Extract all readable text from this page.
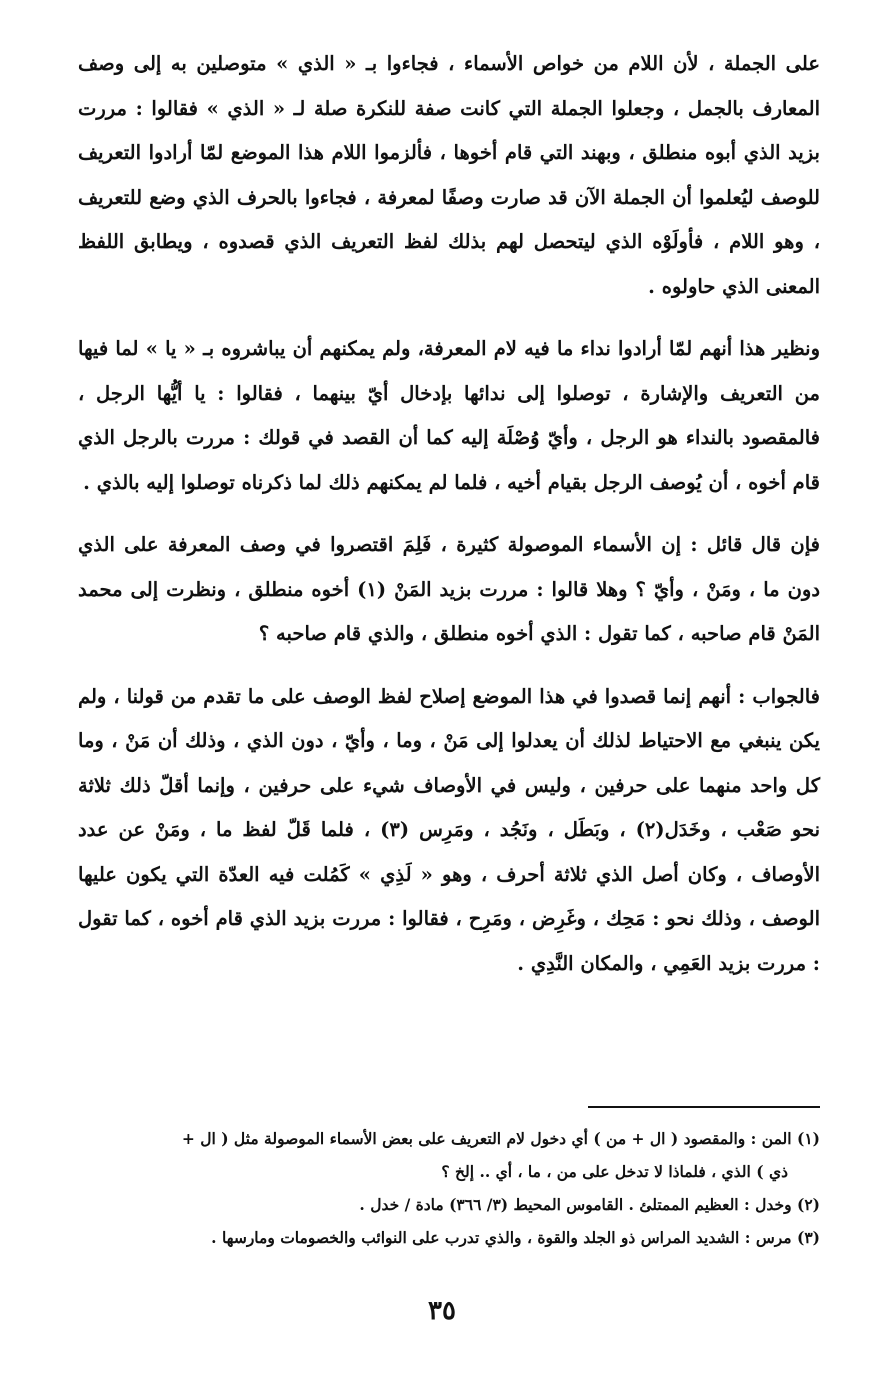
على الجملة ، لأن اللام من خواص الأسماء ، فجاءوا بـ « الذي » متوصلين به إلى وصف المعارف بالجمل ، وجعلوا الجملة التي كانت صفة للنكرة صلة لـ « الذي » فقالوا : مررت بزيد الذي أبوه منطلق ، وبهند التي قام أخوها ، فألزموا اللام هذا الموضع لمّا أرادوا التعريف للوصف ليُعلموا أن الجملة الآن قد صارت وصفًا لمعرفة ، فجاءوا بالحرف الذي وضع للتعريف ، وهو اللام ، فأولَوْه الذي ليتحصل لهم بذلك لفظ التعريف الذي قصدوه ، ويطابق اللفظ المعنى الذي حاولوه .

ونظير هذا أنهم لمّا أرادوا نداء ما فيه لام المعرفة، ولم يمكنهم أن يباشروه بـ « يا » لما فيها من التعريف والإشارة ، توصلوا إلى ندائها بإدخال أيّ بينهما ، فقالوا : يا أيُّها الرجل ، فالمقصود بالنداء هو الرجل ، وأيّ وُصْلَة إليه كما أن القصد في قولك : مررت بالرجل الذي قام أخوه ، أن يُوصف الرجل بقيام أخيه ، فلما لم يمكنهم ذلك لما ذكرناه توصلوا إليه بالذي .

فإن قال قائل : إن الأسماء الموصولة كثيرة ، فَلِمَ اقتصروا في وصف المعرفة على الذي دون ما ، ومَنْ ، وأيّ ؟ وهلا قالوا : مررت بزيد المَنْ (١) أخوه منطلق ، ونظرت إلى محمد المَنْ قام صاحبه ، كما تقول : الذي أخوه منطلق ، والذي قام صاحبه ؟

فالجواب : أنهم إنما قصدوا في هذا الموضع إصلاح لفظ الوصف على ما تقدم من قولنا ، ولم يكن ينبغي مع الاحتياط لذلك أن يعدلوا إلى مَنْ ، وما ، وأيّ ، دون الذي ، وذلك أن مَنْ ، وما كل واحد منهما على حرفين ، وليس في الأوصاف شيء على حرفين ، وإنما أقلّ ذلك ثلاثة نحو صَعْب ، وخَدَل(٢) ، وبَطَل ، ونَجُد ، ومَرِس (٣) ، فلما قَلّ لفظ ما ، ومَنْ عن عدد الأوصاف ، وكان أصل الذي ثلاثة أحرف ، وهو « لَذِي » كَمُلت فيه العدّة التي يكون عليها الوصف ، وذلك نحو : مَحِك ، وغَرِض ، ومَرِح ، فقالوا : مررت بزيد الذي قام أخوه ، كما تقول : مررت بزيد العَمِي ، والمكان النَّدِي .

(١) المن : والمقصود ( ال + من ) أي دخول لام التعريف على بعض الأسماء الموصولة مثل ( ال +
ذي ) الذي ، فلماذا لا تدخل على من ، ما ، أي .. إلخ ؟

(٢) وخدل : العظيم الممتلئ . القاموس المحيط (٣/ ٣٦٦) مادة / خدل .

(٣) مرس : الشديد المراس ذو الجلد والقوة ، والذي تدرب على النوائب والخصومات ومارسها .

٣٥
